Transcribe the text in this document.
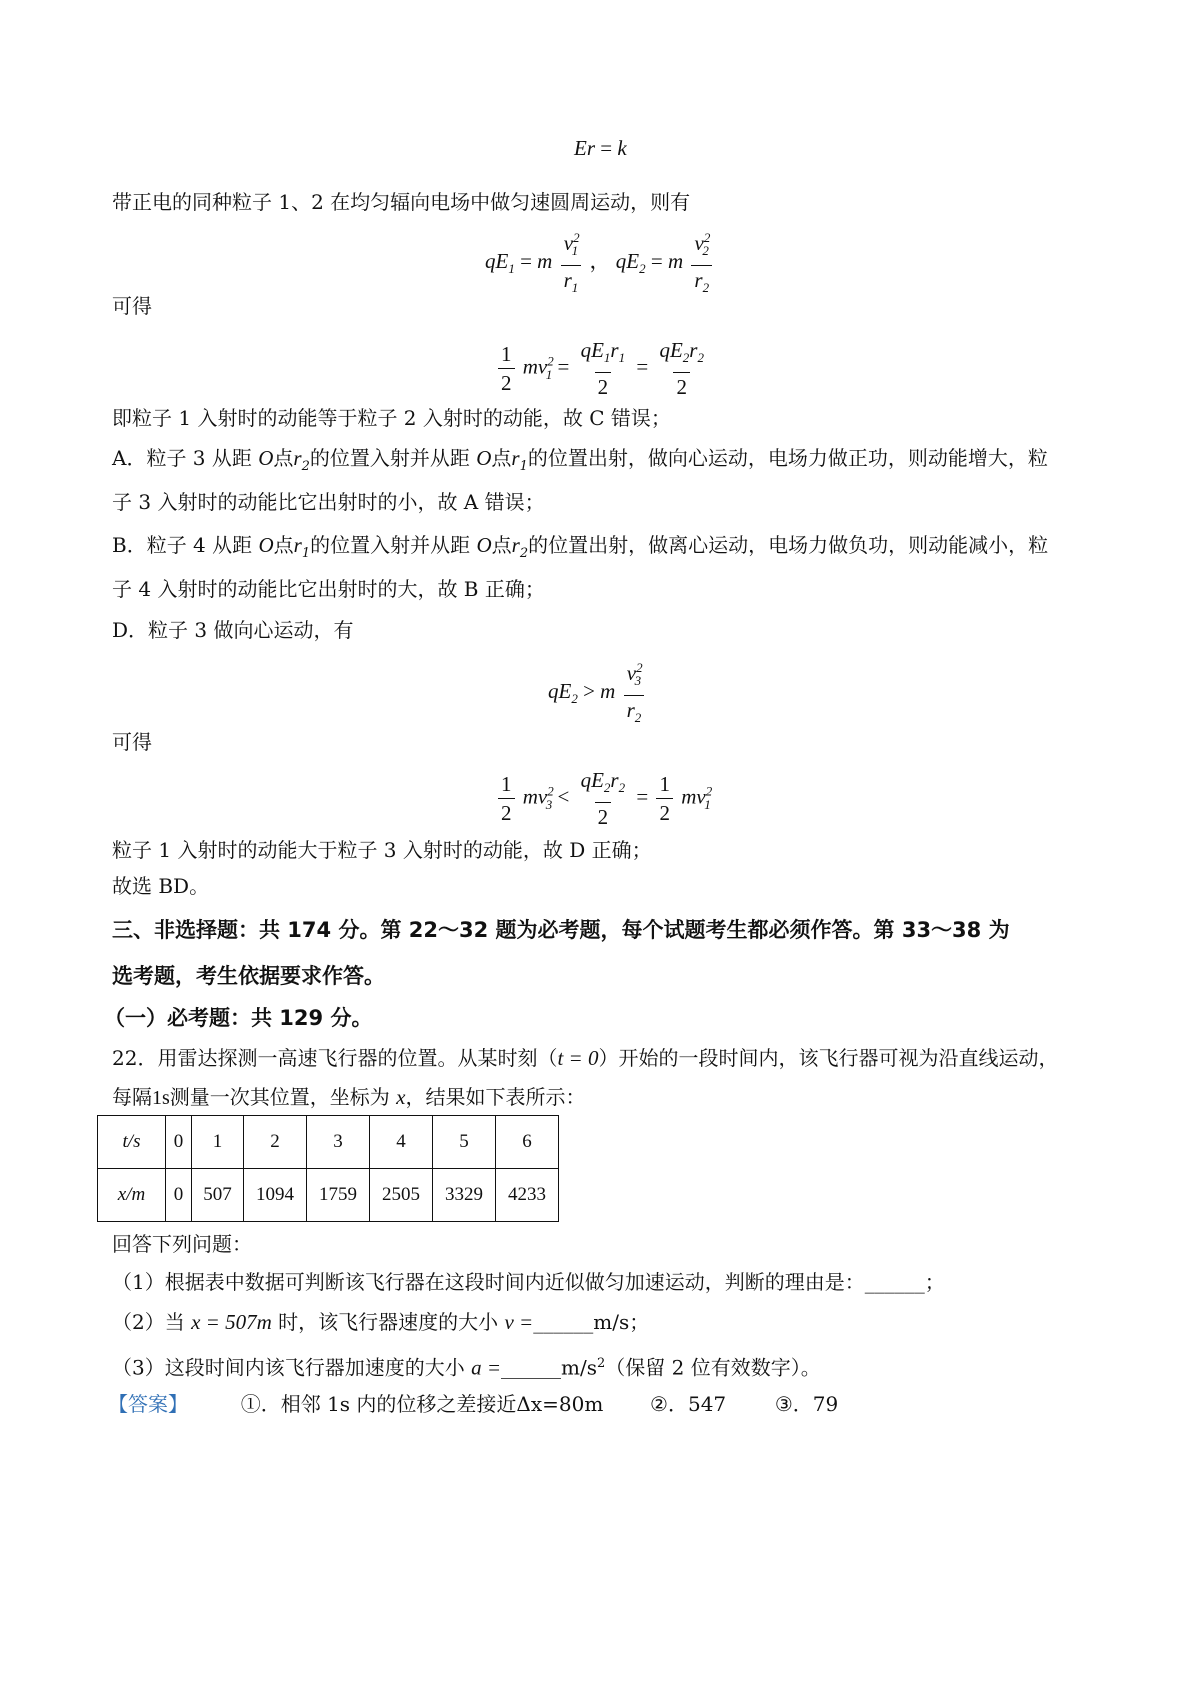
Er = k
带正电的同种粒子 1、2 在均匀辐向电场中做匀速圆周运动，则有
$qE_1 = m \frac{v^2_1}{r_1}$ ， $qE_2 = m \frac{v^2_2}{r_2}$
可得
$\frac{1}{2} mv^2_1 = \frac{qE_1r_1}{2} = \frac{qE_2r_2}{2}$
即粒子 1 入射时的动能等于粒子 2 入射时的动能，故 C 错误；
A．粒子 3 从距 O点$r_2$的位置入射并从距 O点$r_1$的位置出射，做向心运动，电场力做正功，则动能增大，粒
子 3 入射时的动能比它出射时的小，故 A 错误；
B．粒子 4 从距 O点$r_1$的位置入射并从距 O点$r_2$的位置出射，做离心运动，电场力做负功，则动能减小，粒
子 4 入射时的动能比它出射时的大，故 B 正确；
D．粒子 3 做向心运动，有
$qE_2 > m \frac{v^2_3}{r_2}$
可得
$\frac{1}{2} mv^2_3 < \frac{qE_2r_2}{2} = \frac{1}{2} mv^2_1$
粒子 1 入射时的动能大于粒子 3 入射时的动能，故 D 正确；
故选 BD。
三、非选择题：共 174 分。第 22～32 题为必考题，每个试题考生都必须作答。第 33～38 为
选考题，考生依据要求作答。
（一）必考题：共 129 分。
22．用雷达探测一高速飞行器的位置。从某时刻（t = 0）开始的一段时间内，该飞行器可视为沿直线运动，
每隔1s测量一次其位置，坐标为 x，结果如下表所示：
t/s	0	1	2	3	4	5	6
x/m	0	507	1094	1759	2505	3329	4233
回答下列问题：
（1）根据表中数据可判断该飞行器在这段时间内近似做匀加速运动，判断的理由是：______；
（2）当 x = 507m 时，该飞行器速度的大小 v =______m/s；
（3）这段时间内该飞行器加速度的大小 $a =\_\_\_\_\_\_m/s^2$（保留 2 位有效数字）。
【答案】	①．相邻 1s 内的位移之差接近Δx=80m ②．547 ③．79
